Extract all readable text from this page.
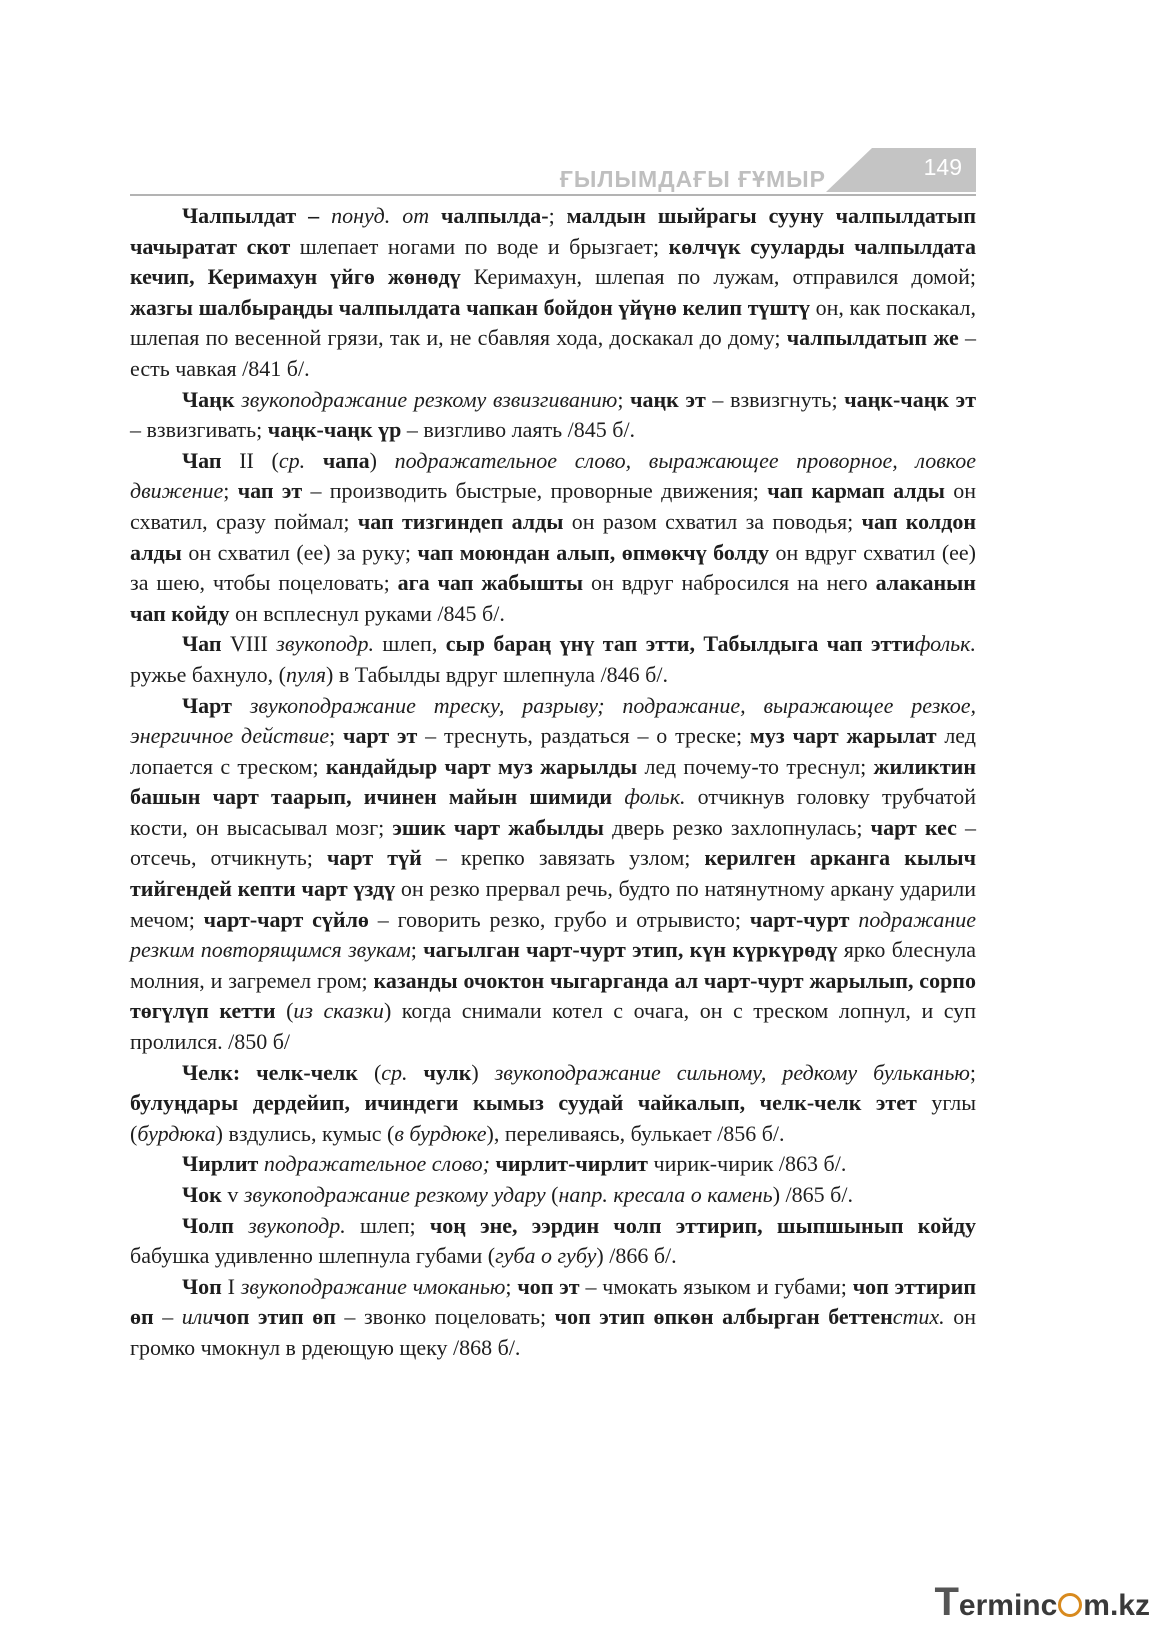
ҒЫЛЫМДАҒЫ ҒҰМЫР	149

Чалпылдат – понуд. от чалпылда-; малдын шыйрагы сууну чалпылдатып чачыратат скот шлепает ногами по воде и брызгает; көлчүк сууларды чалпылдата кечип, Керимахун үйгө жөнөдү Керимахун, шлепая по лужам, отправился домой; жазгы шалбыраңды чалпылдата чапкан бойдон үйүнө келип түштү он, как поскакал, шлепая по весенной грязи, так и, не сбавляя хода, доскакал до дому; чалпылдатып же – есть чавкая /841 б/.

Чаңк звукоподражание резкому взвизгиванию; чаңк эт – взвизгнуть; чаңк-чаңк эт – взвизгивать; чаңк-чаңк үр – визгливо лаять /845 б/.

Чап II (ср. чапа) подражательное слово, выражающее проворное, ловкое движение; чап эт – производить быстрые, проворные движения; чап кармап алды он схватил, сразу поймал; чап тизгиндеп алды он разом схватил за поводья; чап колдон алды он схватил (ее) за руку; чап моюндан алып, өпмөкчү болду он вдруг схватил (ее) за шею, чтобы поцеловать; ага чап жабышты он вдруг набросился на него алаканын чап койду он всплеснул руками /845 б/.

Чап VIII звукоподр. шлеп, сыр бараң үнү тап этти, Табылдыга чап эттифольк. ружье бахнуло, (пуля) в Табылды вдруг шлепнула /846 б/.

Чарт звукоподражание треску, разрыву; подражание, выражающее резкое, энергичное действие; чарт эт – треснуть, раздаться – о треске; муз чарт жарылат лед лопается с треском; кандайдыр чарт муз жарылды лед почему-то треснул; жиликтин башын чарт таарып, ичинен майын шимиди фольк. отчикнув головку трубчатой кости, он высасывал мозг; эшик чарт жабылды дверь резко захлопнулась; чарт кес – отсечь, отчикнуть; чарт түй – крепко завязать узлом; керилген арканга кылыч тийгендей кепти чарт үздү он резко прервал речь, будто по натянутному аркану ударили мечом; чарт-чарт сүйлө – говорить резко, грубо и отрывисто; чарт-чурт подражание резким повторящимся звукам; чагылган чарт-чурт этип, күн күркүрөдү ярко блеснула молния, и загремел гром; казанды очоктон чыгарганда ал чарт-чурт жарылып, сорпо төгүлүп кетти (из сказки) когда снимали котел с очага, он с треском лопнул, и суп пролился. /850 б/

Челк: челк-челк (ср. чулк) звукоподражание сильному, редкому бульканью; булуңдары дердейип, ичиндеги кымыз суудай чайкалып, челк-челк этет углы (бурдюка) вздулись, кумыс (в бурдюке), переливаясь, булькает /856 б/.

Чирлит подражательное слово; чирлит-чирлит чирик-чирик /863 б/.

Чок v звукоподражание резкому удару (напр. кресала о камень) /865 б/.

Чолп звукоподр. шлеп; чоң эне, ээрдин чолп эттирип, шыпшынып койду бабушка удивленно шлепнула губами (губа о губу) /866 б/.

Чоп I звукоподражание чмоканью; чоп эт – чмокать языком и губами; чоп эттирип өп – иличоп этип өп – звонко поцеловать; чоп этип өпкөн албырган беттенстих. он громко чмокнул в рдеющую щеку /868 б/.

Terminc m.kz
